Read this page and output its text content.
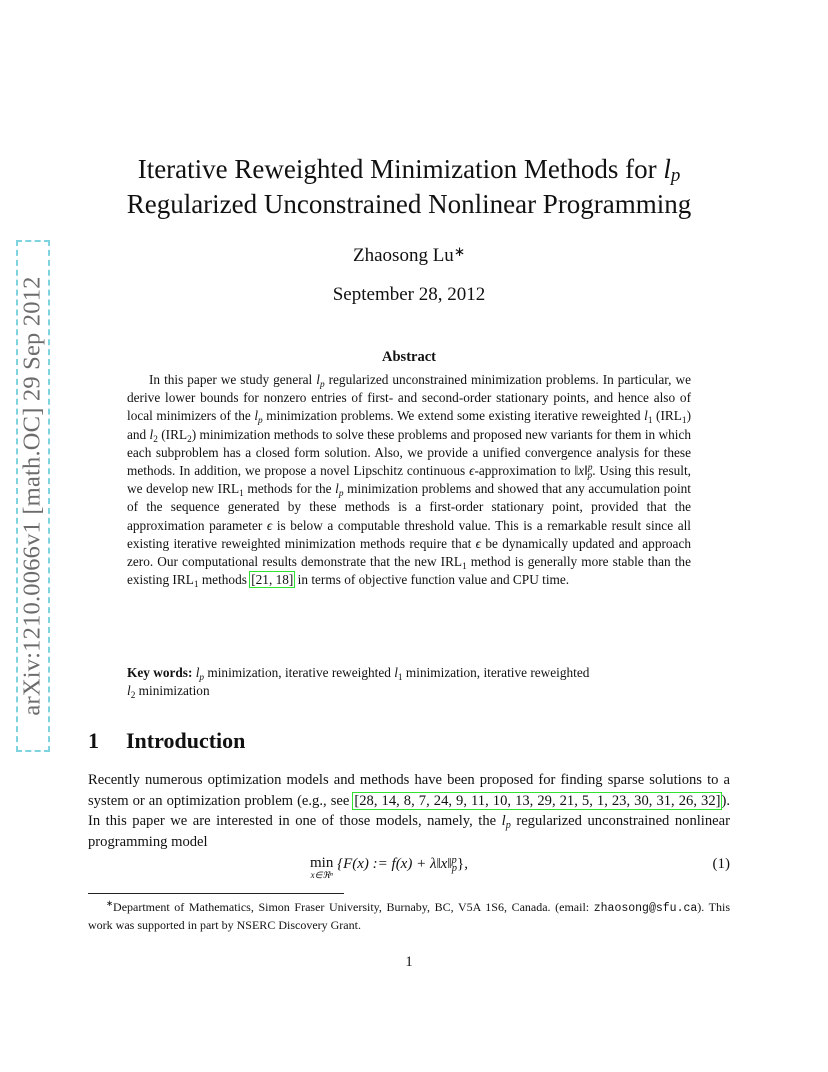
arXiv:1210.0066v1 [math.OC] 29 Sep 2012
Iterative Reweighted Minimization Methods for $l_p$
Regularized Unconstrained Nonlinear Programming
Zhaosong Lu∗
September 28, 2012
Abstract

In this paper we study general $l_p$ regularized unconstrained minimization problems. In particular, we derive lower bounds for nonzero entries of first- and second-order stationary points, and hence also of local minimizers of the $l_p$ minimization problems. We extend some existing iterative reweighted $l_1$ $(IRL_1)$ and $l_2$ $(IRL_2)$ minimization methods to solve these problems and proposed new variants for them in which each subproblem has a closed form solution. Also, we provide a unified convergence analysis for these methods. In addition, we propose a novel Lipschitz continuous ϵ-approximation to ‖x‖$^p_p$. Using this result, we develop new $IRL_1$ methods for the $l_p$ minimization problems and showed that any accumulation point of the sequence generated by these methods is a first-order stationary point, provided that the approximation parameter ϵ is below a computable threshold value. This is a remarkable result since all existing iterative reweighted minimization methods require that ϵ be dynamically updated and approach zero. Our computational results demonstrate that the new $IRL_1$ method is generally more stable than the existing $IRL_1$ methods [21, 18] in terms of objective function value and CPU time.

Key words: $l_p$ minimization, iterative reweighted $l_1$ minimization, iterative reweighted
$l_2$ minimization

1 Introduction

Recently numerous optimization models and methods have been proposed for finding sparse solutions to a system or an optimization problem (e.g., see [28, 14, 8, 7, 24, 9, 11, 10, 13, 29, 21, 5, 1, 23, 30, 31, 26, 32]). In this paper we are interested in one of those models, namely, the $l_p$ regularized unconstrained nonlinear programming model

min
x∈ℜⁿ
{F(x) := f(x) + λ‖x‖$^p_p$},	(1)

∗Department of Mathematics, Simon Fraser University, Burnaby, BC, V5A 1S6, Canada. (email: zhaosong@sfu.ca). This work was supported in part by NSERC Discovery Grant.

1
